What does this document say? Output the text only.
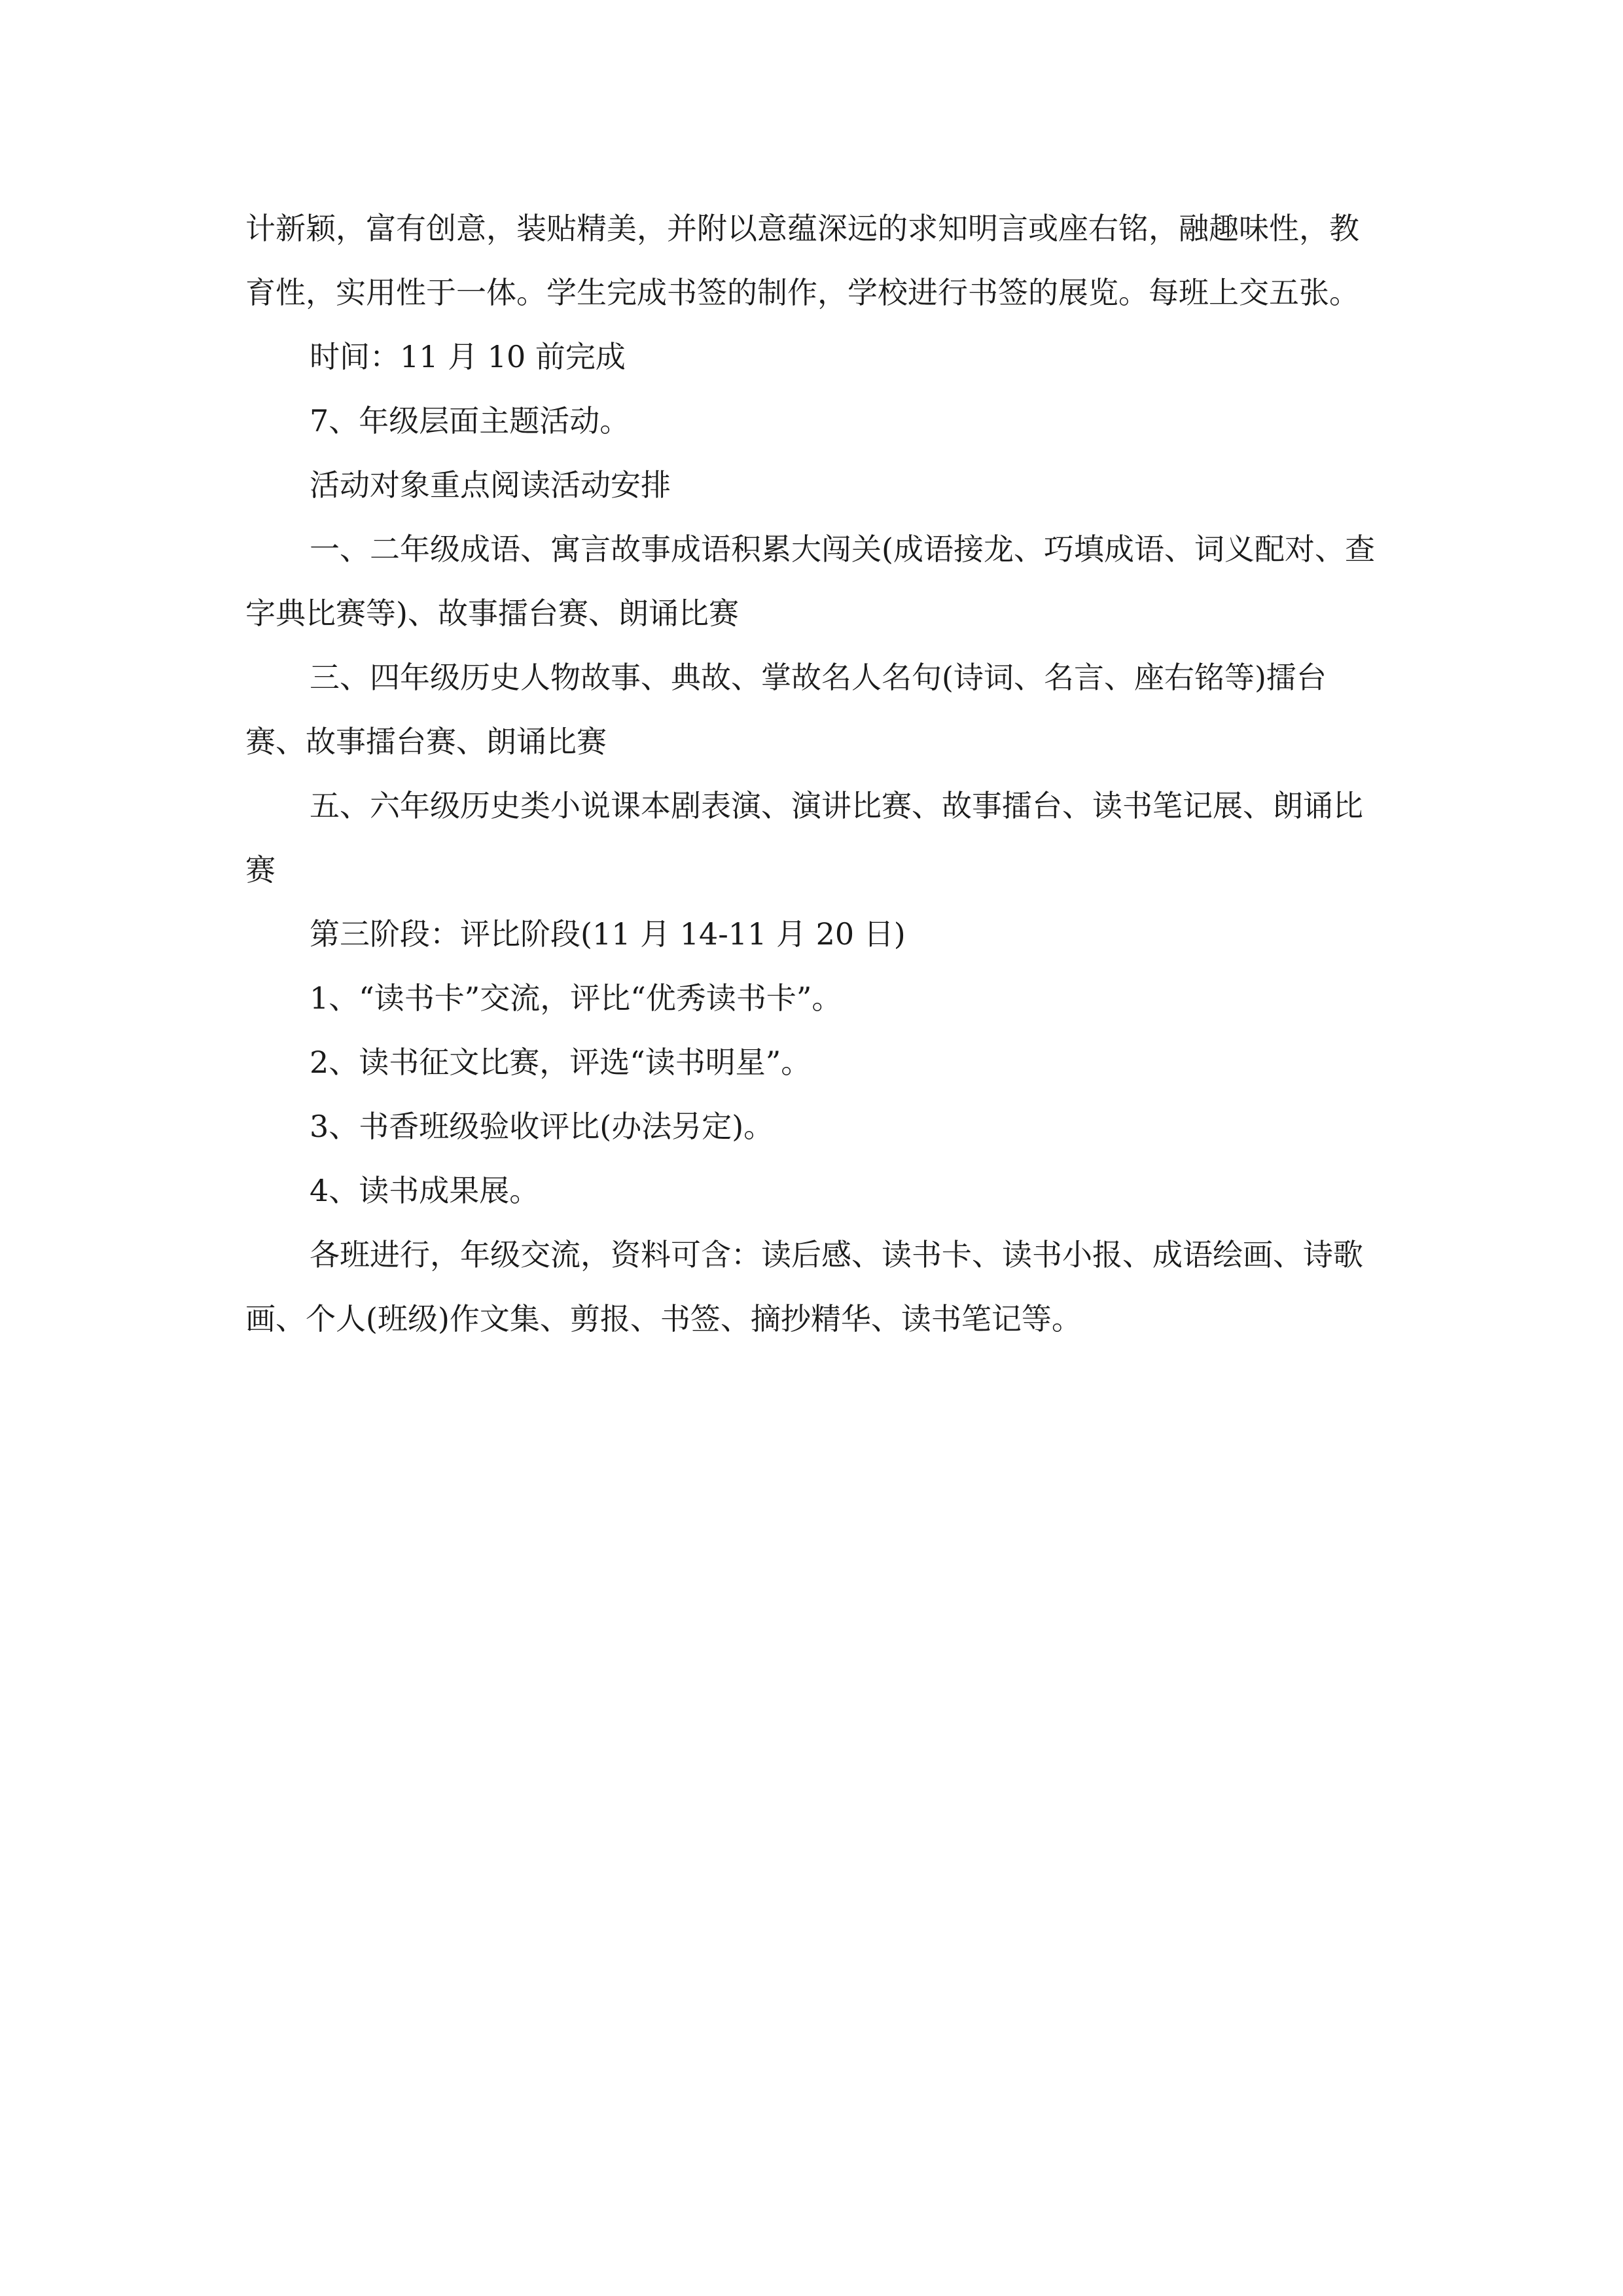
计新颖，富有创意，装贴精美，并附以意蕴深远的求知明言或座右铭，融趣味性，教育性，实用性于一体。学生完成书签的制作，学校进行书签的展览。每班上交五张。

时间：11 月 10 前完成

7、年级层面主题活动。

活动对象重点阅读活动安排

一、二年级成语、寓言故事成语积累大闯关(成语接龙、巧填成语、词义配对、查字典比赛等)、故事擂台赛、朗诵比赛

三、四年级历史人物故事、典故、掌故名人名句(诗词、名言、座右铭等)擂台赛、故事擂台赛、朗诵比赛

五、六年级历史类小说课本剧表演、演讲比赛、故事擂台、读书笔记展、朗诵比赛

第三阶段：评比阶段(11 月 14-11 月 20 日)

1、“读书卡”交流，评比“优秀读书卡”。

2、读书征文比赛，评选“读书明星”。

3、书香班级验收评比(办法另定)。

4、读书成果展。

各班进行，年级交流，资料可含：读后感、读书卡、读书小报、成语绘画、诗歌画、个人(班级)作文集、剪报、书签、摘抄精华、读书笔记等。
